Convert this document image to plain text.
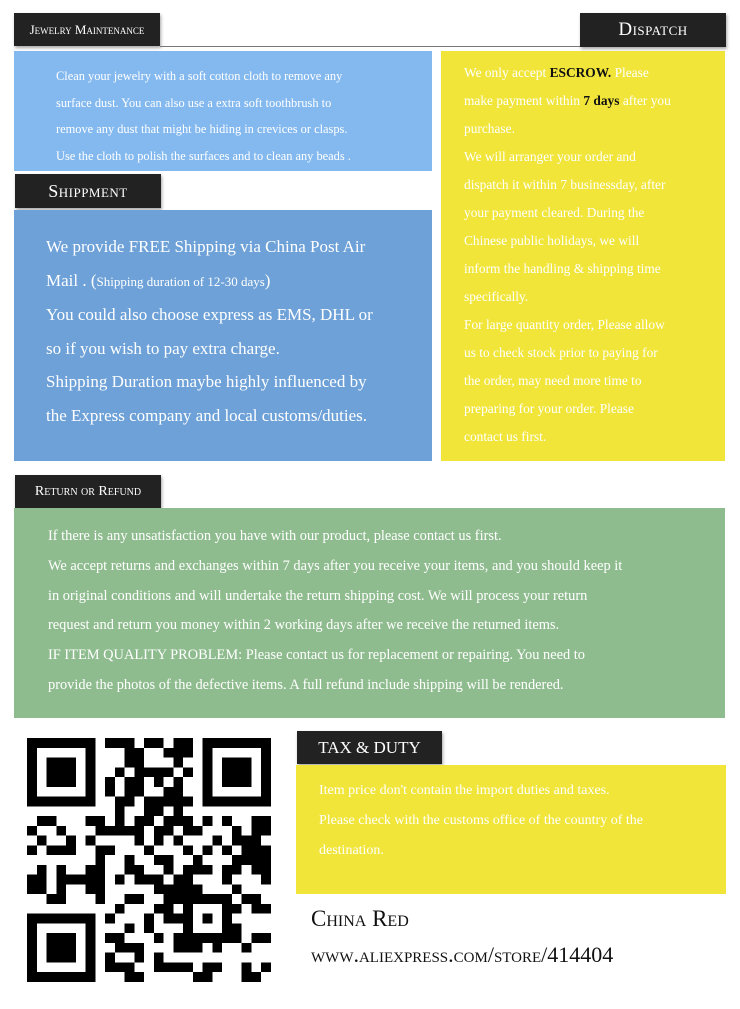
Jewelry Maintenance	Dispatch

Clean your jewelry with a soft cotton cloth to remove any

surface dust. You can also use a extra soft toothbrush to

remove any dust that might be hiding in crevices or clasps.

Use the cloth to polish the surfaces and to clean any beads .

Shippment

We provide FREE Shipping via China Post Air

Mail . (Shipping duration of 12-30 days)

You could also choose express as EMS, DHL or

so if you wish to pay extra charge.

Shipping Duration maybe highly influenced by

the Express company and local customs/duties.

We only accept ESCROW. Please

make payment within 7 days after you

purchase.

We will arranger your order and

dispatch it within 7 businessday, after

your payment cleared. During the

Chinese public holidays, we will

inform the handling & shipping time

specifically.

For large quantity order, Please allow

us to check stock prior to paying for

the order, may need more time to

preparing for your order. Please

contact us first.

Return or Refund

If there is any unsatisfaction you have with our product, please contact us first.

We accept returns and exchanges within 7 days after you receive your items, and you should keep it

in original conditions and will undertake the return shipping cost. We will process your return

request and return you money within 2 working days after we receive the returned items.

IF ITEM QUALITY PROBLEM: Please contact us for replacement or repairing. You need to

provide the photos of the defective items. A full refund include shipping will be rendered.

TAX & DUTY

Item price don't contain the import duties and taxes.

Please check with the customs office of the country of the

destination.

China Red
www.aliexpress.com/store/414404
